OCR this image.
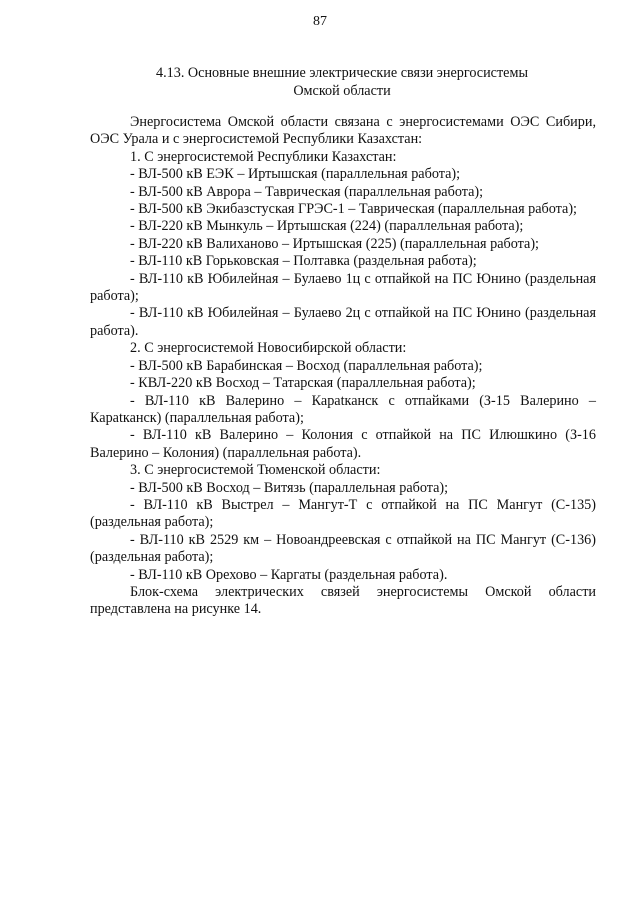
87
4.13. Основные внешние электрические связи энергосистемы
Омской области

Энергосистема Омской области связана с энергосистемами ОЭС Сибири, ОЭС Урала и с энергосистемой Республики Казахстан:

1. С энергосистемой Республики Казахстан:

- ВЛ-500 кВ ЕЭК – Иртышская (параллельная работа);

- ВЛ-500 кВ Аврора – Таврическая (параллельная работа);

- ВЛ-500 кВ Экибазстуская ГРЭС-1 – Таврическая (параллельная работа);

- ВЛ-220 кВ Мынкуль – Иртышская (224) (параллельная работа);

- ВЛ-220 кВ Валиханово – Иртышская (225) (параллельная работа);

- ВЛ-110 кВ Горьковская – Полтавка (раздельная работа);

- ВЛ-110 кВ Юбилейная – Булаево 1ц с отпайкой на ПС Юнино (раздельная работа);

- ВЛ-110 кВ Юбилейная – Булаево 2ц с отпайкой на ПС Юнино (раздельная работа).

2. С энергосистемой Новосибирской области:

- ВЛ-500 кВ Барабинская – Восход (параллельная работа);

- КВЛ-220 кВ Восход – Татарская (параллельная работа);

- ВЛ-110 кВ Валерино – Карatканск с отпайками (З-15 Валерино – Карatканск) (параллельная работа);

- ВЛ-110 кВ Валерино – Колония с отпайкой на ПС Илюшкино (З-16 Валерино – Колония) (параллельная работа).

3. С энергосистемой Тюменской области:

- ВЛ-500 кВ Восход – Витязь (параллельная работа);

- ВЛ-110 кВ Выстрел – Мангут-Т с отпайкой на ПС Мангут (С-135) (раздельная работа);

- ВЛ-110 кВ 2529 км – Новоандреевская с отпайкой на ПС Мангут (С-136) (раздельная работа);

- ВЛ-110 кВ Орехово – Каргаты (раздельная работа).

Блок-схема электрических связей энергосистемы Омской области представлена на рисунке 14.
